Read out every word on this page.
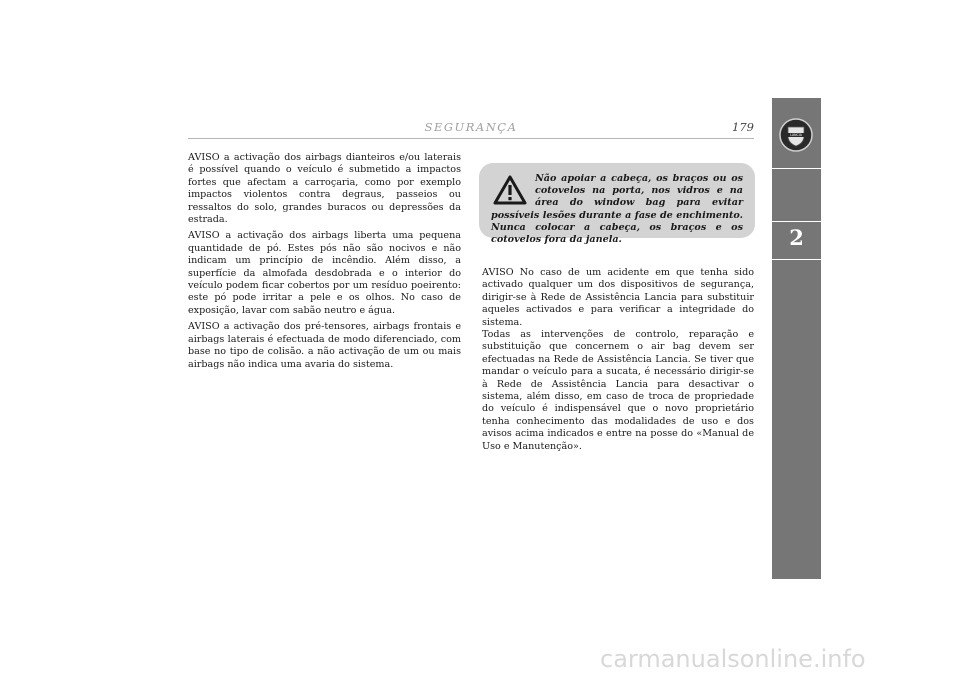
SEGURANÇA	179

AVISO a activação dos airbags dianteiros e/ou laterais é possível quando o veículo é submetido a impactos fortes que afectam a carroçaria, como por exemplo impactos violentos contra degraus, passeios ou ressaltos do solo, grandes buracos ou depressões da estrada.

AVISO a activação dos airbags liberta uma pequena quantidade de pó. Estes pós não são nocivos e não indicam um princípio de incêndio. Além disso, a superfície da almofada desdobrada e o interior do veículo podem ficar cobertos por um resíduo poeirento: este pó pode irritar a pele e os olhos. No caso de exposição, lavar com sabão neutro e água.

AVISO a activação dos pré-tensores, airbags frontais e airbags laterais é efectuada de modo diferenciado, com base no tipo de colisão. a não activação de um ou mais airbags não indica uma avaria do sistema.

Não apoiar a cabeça, os braços ou os cotovelos na porta, nos vidros e na área do window bag para evitar possíveis lesões durante a fase de enchimento. Nunca colocar a cabeça, os braços e os cotovelos fora da janela.

AVISO No caso de um acidente em que tenha sido activado qualquer um dos dispositivos de segurança, dirigir-se à Rede de Assistência Lancia para substituir aqueles activados e para verificar a integridade do sistema.

Todas as intervenções de controlo, reparação e substituição que concernem o air bag devem ser efectuadas na Rede de Assistência Lancia. Se tiver que mandar o veículo para a sucata, é necessário dirigir-se à Rede de Assistência Lancia para desactivar o sistema, além disso, em caso de troca de propriedade do veículo é indispensável que o novo proprietário tenha conhecimento das modalidades de uso e dos avisos acima indicados e entre na posse do «Manual de Uso e Manutenção».

LANCIA
2
carmanualsonline.info
